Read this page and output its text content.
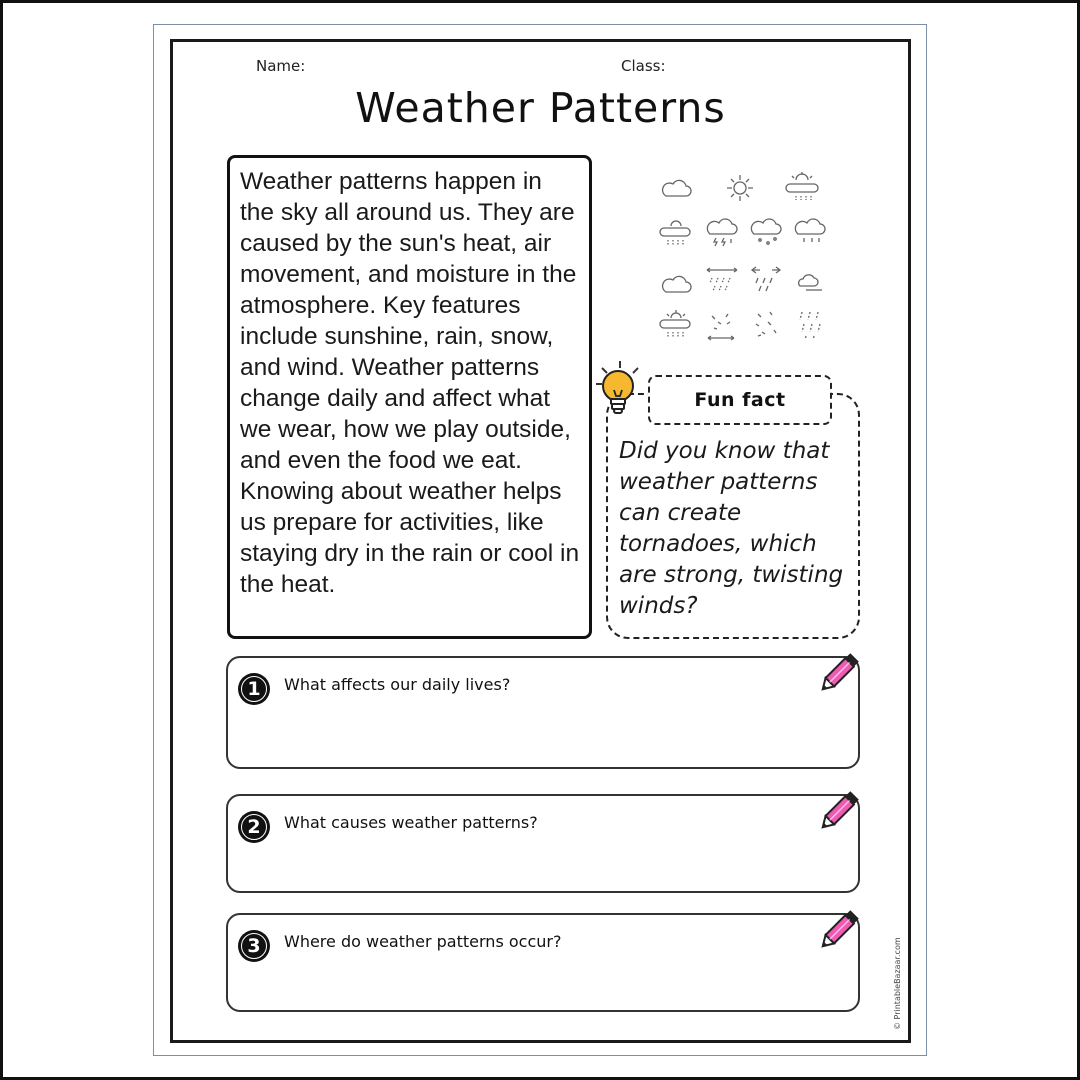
Name:	Class:
Weather Patterns

Weather patterns happen in the sky all around us. They are caused by the sun's heat, air movement, and moisture in the atmosphere. Key features include sunshine, rain, snow, and wind. Weather patterns change daily and affect what we wear, how we play outside, and even the food we eat. Knowing about weather helps us prepare for activities, like staying dry in the rain or cool in the heat.

Fun fact

Did you know that weather patterns can create tornadoes, which are strong, twisting winds?

1	What affects our daily lives?
2	What causes weather patterns?
3	Where do weather patterns occur?	© PrintableBazaar.com
